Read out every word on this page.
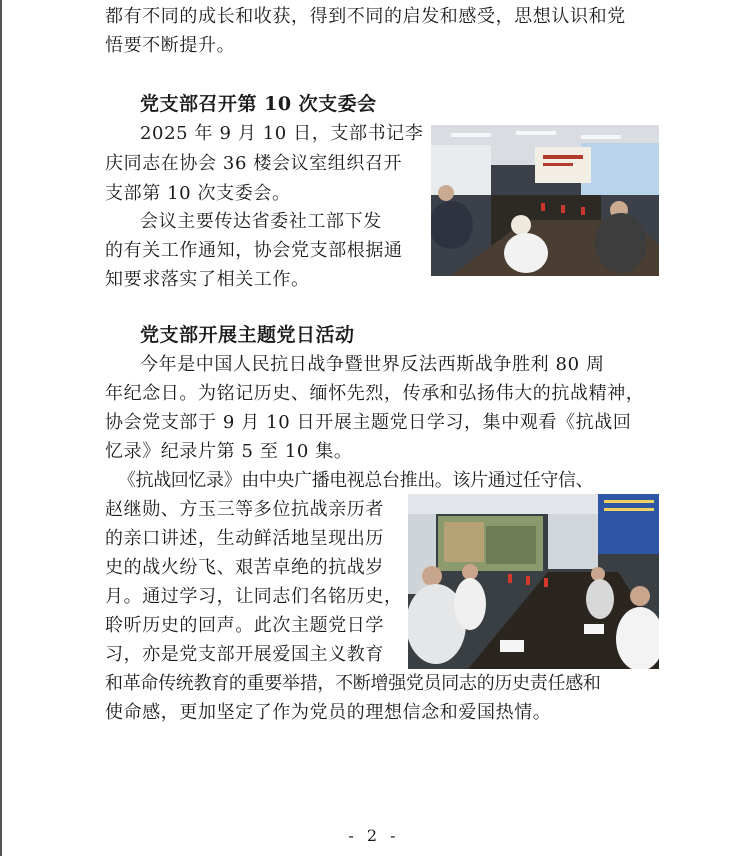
都有不同的成长和收获，得到不同的启发和感受，思想认识和党
悟要不断提升。
党支部召开第 10 次支委会
2025 年 9 月 10 日，支部书记李
庆同志在协会 36 楼会议室组织召开
支部第 10 次支委会。
会议主要传达省委社工部下发
的有关工作通知，协会党支部根据通
知要求落实了相关工作。
党支部开展主题党日活动
今年是中国人民抗日战争暨世界反法西斯战争胜利 80 周
年纪念日。为铭记历史、缅怀先烈，传承和弘扬伟大的抗战精神，
协会党支部于 9 月 10 日开展主题党日学习，集中观看《抗战回
忆录》纪录片第 5 至 10 集。
《抗战回忆录》由中央广播电视总台推出。该片通过任守信、
赵继勋、方玉三等多位抗战亲历者
的亲口讲述，生动鲜活地呈现出历
史的战火纷飞、艰苦卓绝的抗战岁
月。通过学习，让同志们名铭历史，
聆听历史的回声。此次主题党日学
习，亦是党支部开展爱国主义教育
和革命传统教育的重要举措，不断增强党员同志的历史责任感和
使命感，更加坚定了作为党员的理想信念和爱国热情。
- 2 -
